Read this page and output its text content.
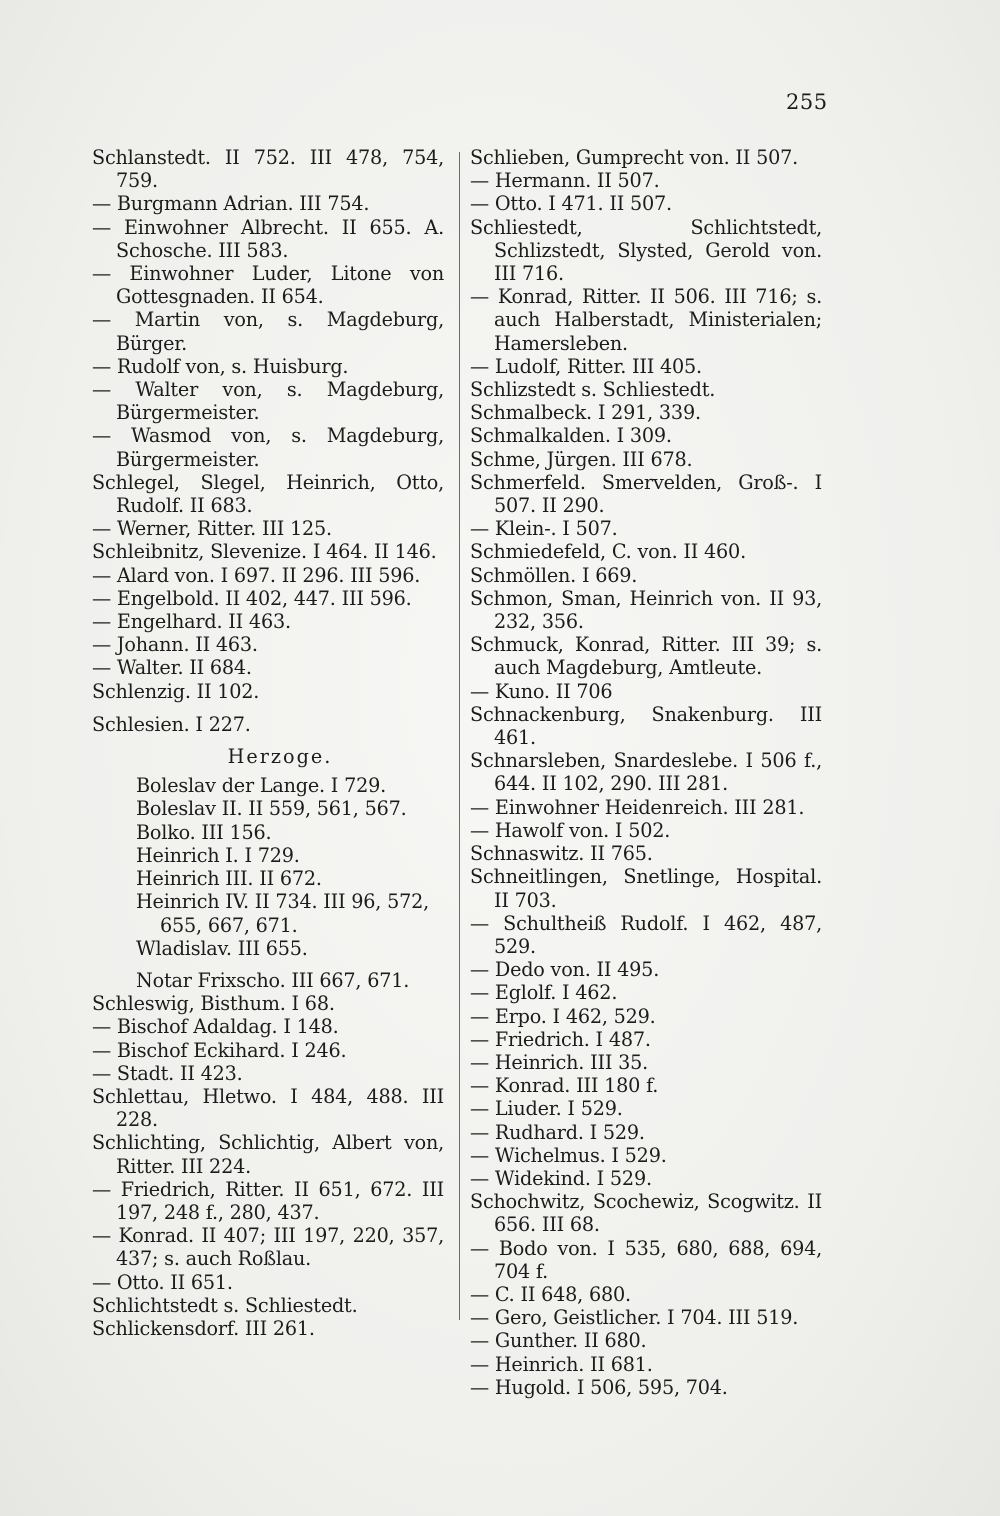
255
Schlanstedt. II 752. III 478, 754, 759.
— Burgmann Adrian. III 754.
— Einwohner Albrecht. II 655. A. Schosche. III 583.
— Einwohner Luder, Litone von Gottesgnaden. II 654.
— Martin von, s. Magdeburg, Bürger.
— Rudolf von, s. Huisburg.
— Walter von, s. Magdeburg, Bürgermeister.
— Wasmod von, s. Magdeburg, Bürgermeister.
Schlegel, Slegel, Heinrich, Otto, Rudolf. II 683.
— Werner, Ritter. III 125.
Schleibnitz, Slevenize. I 464. II 146.
— Alard von. I 697. II 296. III 596.
— Engelbold. II 402, 447. III 596.
— Engelhard. II 463.
— Johann. II 463.
— Walter. II 684.
Schlenzig. II 102.
Schlesien. I 227.
Herzoge.
Boleslav der Lange. I 729.
Boleslav II. II 559, 561, 567.
Bolko. III 156.
Heinrich I. I 729.
Heinrich III. II 672.
Heinrich IV. II 734. III 96, 572, 655, 667, 671.
Wladislav. III 655.
Notar Frixscho. III 667, 671.
Schleswig, Bisthum. I 68.
— Bischof Adaldag. I 148.
— Bischof Eckihard. I 246.
— Stadt. II 423.
Schlettau, Hletwo. I 484, 488. III 228.
Schlichting, Schlichtig, Albert von, Ritter. III 224.
— Friedrich, Ritter. II 651, 672. III 197, 248 f., 280, 437.
— Konrad. II 407; III 197, 220, 357, 437; s. auch Roßlau.
— Otto. II 651.
Schlichtstedt s. Schliestedt.
Schlickensdorf. III 261.
Schlieben, Gumprecht von. II 507.
— Hermann. II 507.
— Otto. I 471. II 507.
Schliestedt, Schlichtstedt, Schlizstedt, Slysted, Gerold von. III 716.
— Konrad, Ritter. II 506. III 716; s. auch Halberstadt, Ministerialen; Hamersleben.
— Ludolf, Ritter. III 405.
Schlizstedt s. Schliestedt.
Schmalbeck. I 291, 339.
Schmalkalden. I 309.
Schme, Jürgen. III 678.
Schmerfeld. Smervelden, Groß-. I 507. II 290.
— Klein-. I 507.
Schmiedefeld, C. von. II 460.
Schmöllen. I 669.
Schmon, Sman, Heinrich von. II 93, 232, 356.
Schmuck, Konrad, Ritter. III 39; s. auch Magdeburg, Amtleute.
— Kuno. II 706
Schnackenburg, Snakenburg. III 461.
Schnarsleben, Snardeslebe. I 506 f., 644. II 102, 290. III 281.
— Einwohner Heidenreich. III 281.
— Hawolf von. I 502.
Schnaswitz. II 765.
Schneitlingen, Snetlinge, Hospital. II 703.
— Schultheiß Rudolf. I 462, 487, 529.
— Dedo von. II 495.
— Eglolf. I 462.
— Erpo. I 462, 529.
— Friedrich. I 487.
— Heinrich. III 35.
— Konrad. III 180 f.
— Liuder. I 529.
— Rudhard. I 529.
— Wichelmus. I 529.
— Widekind. I 529.
Schochwitz, Scochewiz, Scogwitz. II 656. III 68.
— Bodo von. I 535, 680, 688, 694, 704 f.
— C. II 648, 680.
— Gero, Geistlicher. I 704. III 519.
— Gunther. II 680.
— Heinrich. II 681.
— Hugold. I 506, 595, 704.
